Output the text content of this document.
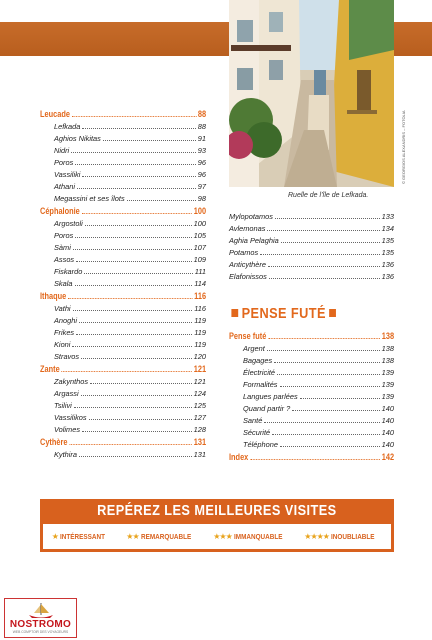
© GEORGIOS ALEXANDRIS – FOTOLIA
Ruelle de l'île de Lefkada.
Leucade	88
Lefkada	88
Aghios Nikitas	91
Nidri	93
Poros	96
Vassiliki	96
Athani	97
Megassini et ses îlots	98
Céphalonie	100
Argostoli	100
Poros	105
Sàmi	107
Assos	109
Fiskardo	111
Skala	114
Ithaque	116
Vathi	116
Anoghi	119
Frikes	119
Kioni	119
Stravos	120
Zante	121
Zakynthos	121
Argassi	124
Tsilivi	125
Vassilikos	127
Volimes	128
Cythère	131
Kythira	131
Mylopotamos	133
Avlemonas	134
Aghia Pelaghia	135
Potamos	135
Anticythère	136
Elafonissos	136
PENSE FUTÉ
Pense futé	138
Argent	138
Bagages	138
Électricité	139
Formalités	139
Langues parlées	139
Quand partir ?	140
Santé	140
Sécurité	140
Téléphone	140
Index	142
REPÉREZ LES MEILLEURES VISITES
★ INTÉRESSANT	★★ REMARQUABLE	★★★ IMMANQUABLE	★★★★ INOUBLIABLE
NOSTROMO
WEB COMPTOIR DES VOYAGEURS
